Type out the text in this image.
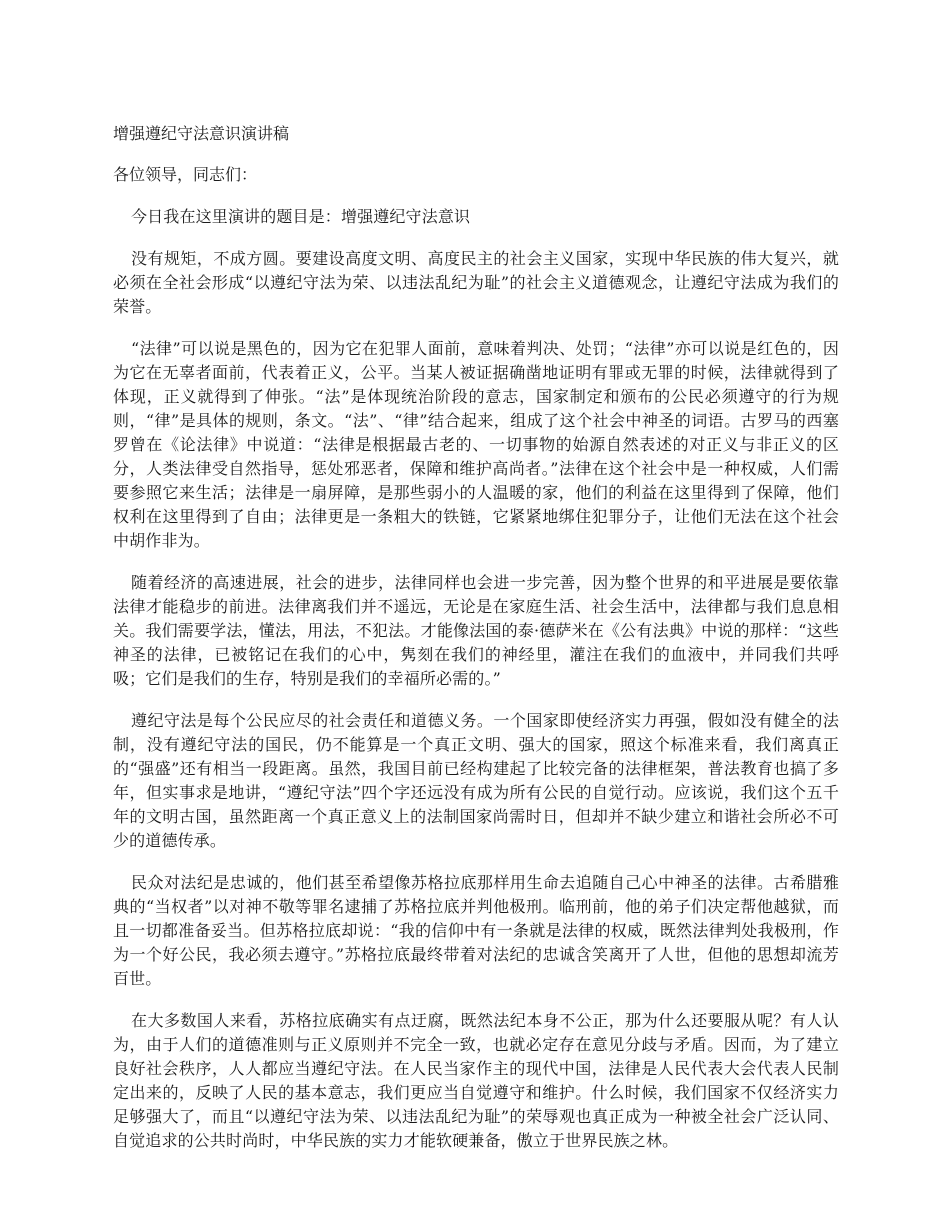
增强遵纪守法意识演讲稿
各位领导，同志们：

今日我在这里演讲的题目是：增强遵纪守法意识

没有规矩，不成方圆。要建设高度文明、高度民主的社会主义国家，实现中华民族的伟大复兴，就必须在全社会形成“以遵纪守法为荣、以违法乱纪为耻”的社会主义道德观念，让遵纪守法成为我们的荣誉。

“法律”可以说是黑色的，因为它在犯罪人面前，意味着判决、处罚；“法律”亦可以说是红色的，因为它在无辜者面前，代表着正义，公平。当某人被证据确凿地证明有罪或无罪的时候，法律就得到了体现，正义就得到了伸张。“法”是体现统治阶段的意志，国家制定和颁布的公民必须遵守的行为规则，“律”是具体的规则，条文。“法”、“律”结合起来，组成了这个社会中神圣的词语。古罗马的西塞罗曾在《论法律》中说道：“法律是根据最古老的、一切事物的始源自然表述的对正义与非正义的区分，人类法律受自然指导，惩处邪恶者，保障和维护高尚者。”法律在这个社会中是一种权威，人们需要参照它来生活；法律是一扇屏障，是那些弱小的人温暖的家，他们的利益在这里得到了保障，他们权利在这里得到了自由；法律更是一条粗大的铁链，它紧紧地绑住犯罪分子，让他们无法在这个社会中胡作非为。

随着经济的高速进展，社会的进步，法律同样也会进一步完善，因为整个世界的和平进展是要依靠法律才能稳步的前进。法律离我们并不遥远，无论是在家庭生活、社会生活中，法律都与我们息息相关。我们需要学法，懂法，用法，不犯法。才能像法国的泰·德萨米在《公有法典》中说的那样：“这些神圣的法律，已被铭记在我们的心中，隽刻在我们的神经里，灌注在我们的血液中，并同我们共呼吸；它们是我们的生存，特别是我们的幸福所必需的。”

遵纪守法是每个公民应尽的社会责任和道德义务。一个国家即使经济实力再强，假如没有健全的法制，没有遵纪守法的国民，仍不能算是一个真正文明、强大的国家，照这个标准来看，我们离真正的“强盛”还有相当一段距离。虽然，我国目前已经构建起了比较完备的法律框架，普法教育也搞了多年，但实事求是地讲，“遵纪守法”四个字还远没有成为所有公民的自觉行动。应该说，我们这个五千年的文明古国，虽然距离一个真正意义上的法制国家尚需时日，但却并不缺少建立和谐社会所必不可少的道德传承。

民众对法纪是忠诚的，他们甚至希望像苏格拉底那样用生命去追随自己心中神圣的法律。古希腊雅典的“当权者”以对神不敬等罪名逮捕了苏格拉底并判他极刑。临刑前，他的弟子们决定帮他越狱，而且一切都准备妥当。但苏格拉底却说：“我的信仰中有一条就是法律的权威，既然法律判处我极刑，作为一个好公民，我必须去遵守。”苏格拉底最终带着对法纪的忠诚含笑离开了人世，但他的思想却流芳百世。

在大多数国人来看，苏格拉底确实有点迂腐，既然法纪本身不公正，那为什么还要服从呢？有人认为，由于人们的道德准则与正义原则并不完全一致，也就必定存在意见分歧与矛盾。因而，为了建立良好社会秩序，人人都应当遵纪守法。在人民当家作主的现代中国，法律是人民代表大会代表人民制定出来的，反映了人民的基本意志，我们更应当自觉遵守和维护。什么时候，我们国家不仅经济实力足够强大了，而且“以遵纪守法为荣、以违法乱纪为耻”的荣辱观也真正成为一种被全社会广泛认同、自觉追求的公共时尚时，中华民族的实力才能软硬兼备，傲立于世界民族之林。
